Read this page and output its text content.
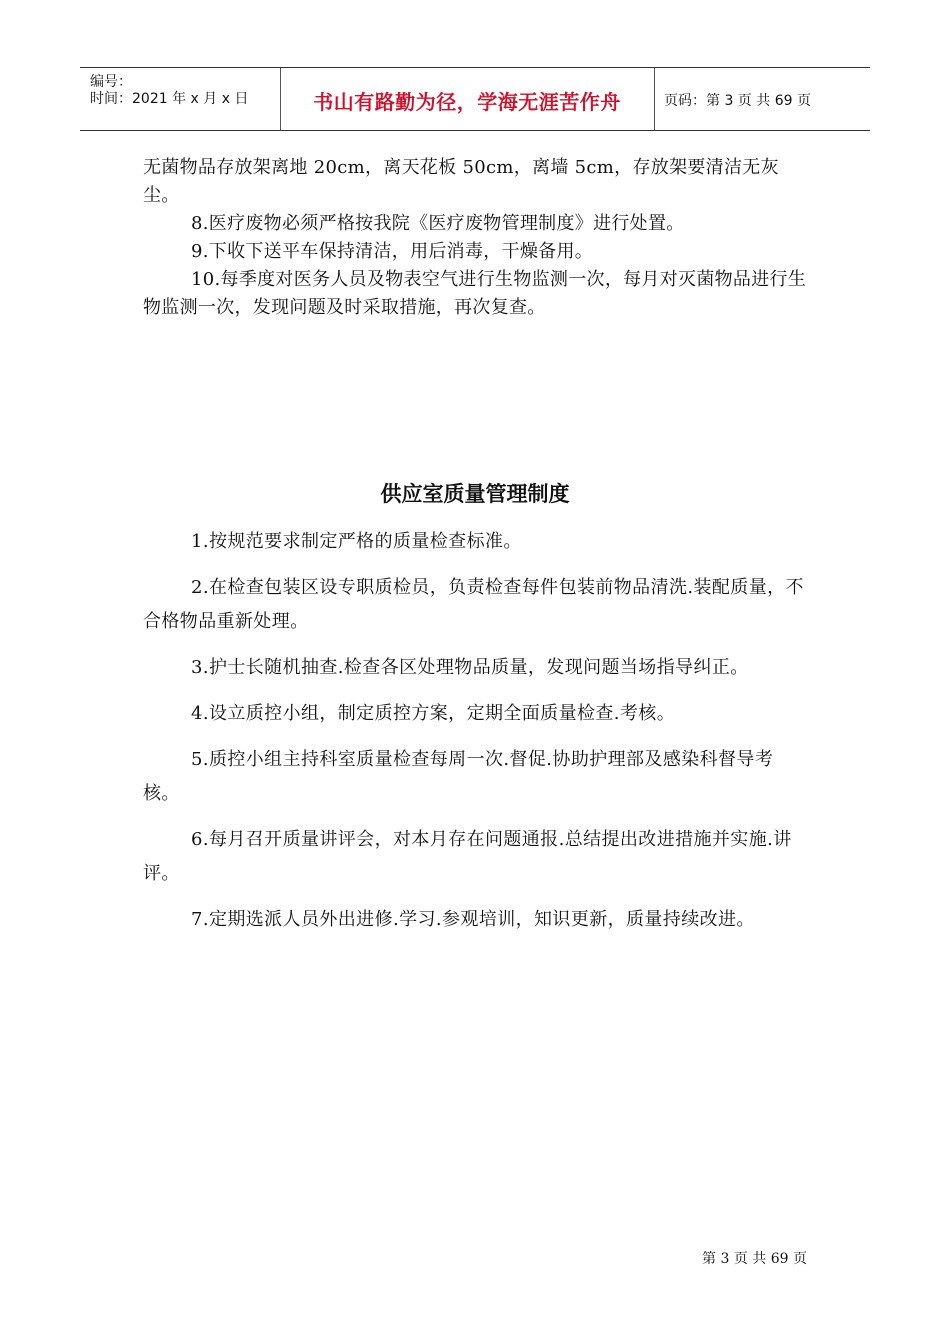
编号：
时间：2021 年 x 月 x 日	书山有路勤为径，学海无涯苦作舟	页码：第 3 页 共 69 页

无菌物品存放架离地 20cm，离天花板 50cm，离墙 5cm，存放架要清洁无灰尘。

8.医疗废物必须严格按我院《医疗废物管理制度》进行处置。

9.下收下送平车保持清洁，用后消毒，干燥备用。

10.每季度对医务人员及物表空气进行生物监测一次，每月对灭菌物品进行生物监测一次，发现问题及时采取措施，再次复查。

供应室质量管理制度

1.按规范要求制定严格的质量检查标准。

2.在检查包装区设专职质检员，负责检查每件包装前物品清洗.装配质量，不合格物品重新处理。

3.护士长随机抽查.检查各区处理物品质量，发现问题当场指导纠正。

4.设立质控小组，制定质控方案，定期全面质量检查.考核。

5.质控小组主持科室质量检查每周一次.督促.协助护理部及感染科督导考核。

6.每月召开质量讲评会，对本月存在问题通报.总结提出改进措施并实施.讲评。

7.定期选派人员外出进修.学习.参观培训，知识更新，质量持续改进。

第 3 页 共 69 页
